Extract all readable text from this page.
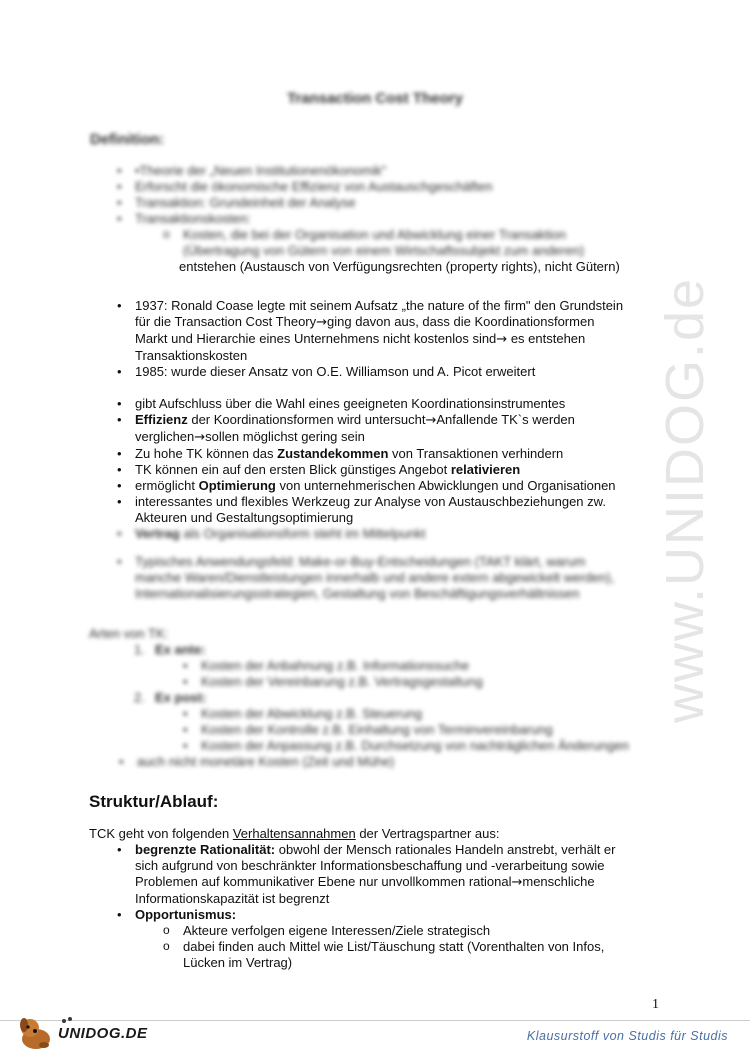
www.UNIDOG.de
Transaction Cost Theory
Definition:
• •Theorie der „Neuen Institutionenökonomik"
• Erforscht die ökonomische Effizienz von Austauschgeschäften
• Transaktion: Grundeinheit der Analyse
• Transaktionskosten:
o Kosten, die bei der Organisation und Abwicklung einer Transaktion
(Übertragung von Gütern von einem Wirtschaftssubjekt zum anderen)
entstehen (Austausch von Verfügungsrechten (property rights), nicht Gütern)
• 1937: Ronald Coase legte mit seinem Aufsatz „the nature of the firm" den Grundstein
für die Transaction Cost Theory→ging davon aus, dass die Koordinationsformen
Markt und Hierarchie eines Unternehmens nicht kostenlos sind→ es entstehen
Transaktionskosten
• 1985: wurde dieser Ansatz von O.E. Williamson und A. Picot erweitert
• gibt Aufschluss über die Wahl eines geeigneten Koordinationsinstrumentes
• Effizienz der Koordinationsformen wird untersucht→Anfallende TK`s werden
verglichen→sollen möglichst gering sein
• Zu hohe TK können das Zustandekommen von Transaktionen verhindern
• TK können ein auf den ersten Blick günstiges Angebot relativieren
• ermöglicht Optimierung von unternehmerischen Abwicklungen und Organisationen
• interessantes und flexibles Werkzeug zur Analyse von Austauschbeziehungen zw.
Akteuren und Gestaltungsoptimierung
• Vertrag als Organisationsform steht im Mittelpunkt
• Typisches Anwendungsfeld: Make-or-Buy-Entscheidungen (TAKT klärt, warum
manche Waren/Dienstleistungen innerhalb und andere extern abgewickelt werden),
Internationalisierungsstrategien, Gestaltung von Beschäftigungsverhältnissen
Arten von TK:
1. Ex ante:
• Kosten der Anbahnung z.B. Informationssuche
• Kosten der Vereinbarung z.B. Vertragsgestaltung
2. Ex post:
• Kosten der Abwicklung z.B. Steuerung
• Kosten der Kontrolle z.B. Einhaltung von Terminvereinbarung
• Kosten der Anpassung z.B. Durchsetzung von nachträglichen Änderungen
• auch nicht monetäre Kosten (Zeit und Mühe)
Struktur/Ablauf:
TCK geht von folgenden Verhaltensannahmen der Vertragspartner aus:
• begrenzte Rationalität: obwohl der Mensch rationales Handeln anstrebt, verhält er
sich aufgrund von beschränkter Informationsbeschaffung und -verarbeitung sowie
Problemen auf kommunikativer Ebene nur unvollkommen rational→menschliche
Informationskapazität ist begrenzt
• Opportunismus:
o Akteure verfolgen eigene Interessen/Ziele strategisch
o dabei finden auch Mittel wie List/Täuschung statt (Vorenthalten von Infos,
Lücken im Vertrag)
1
UNIDOG.DE	Klausurstoff von Studis für Studis
